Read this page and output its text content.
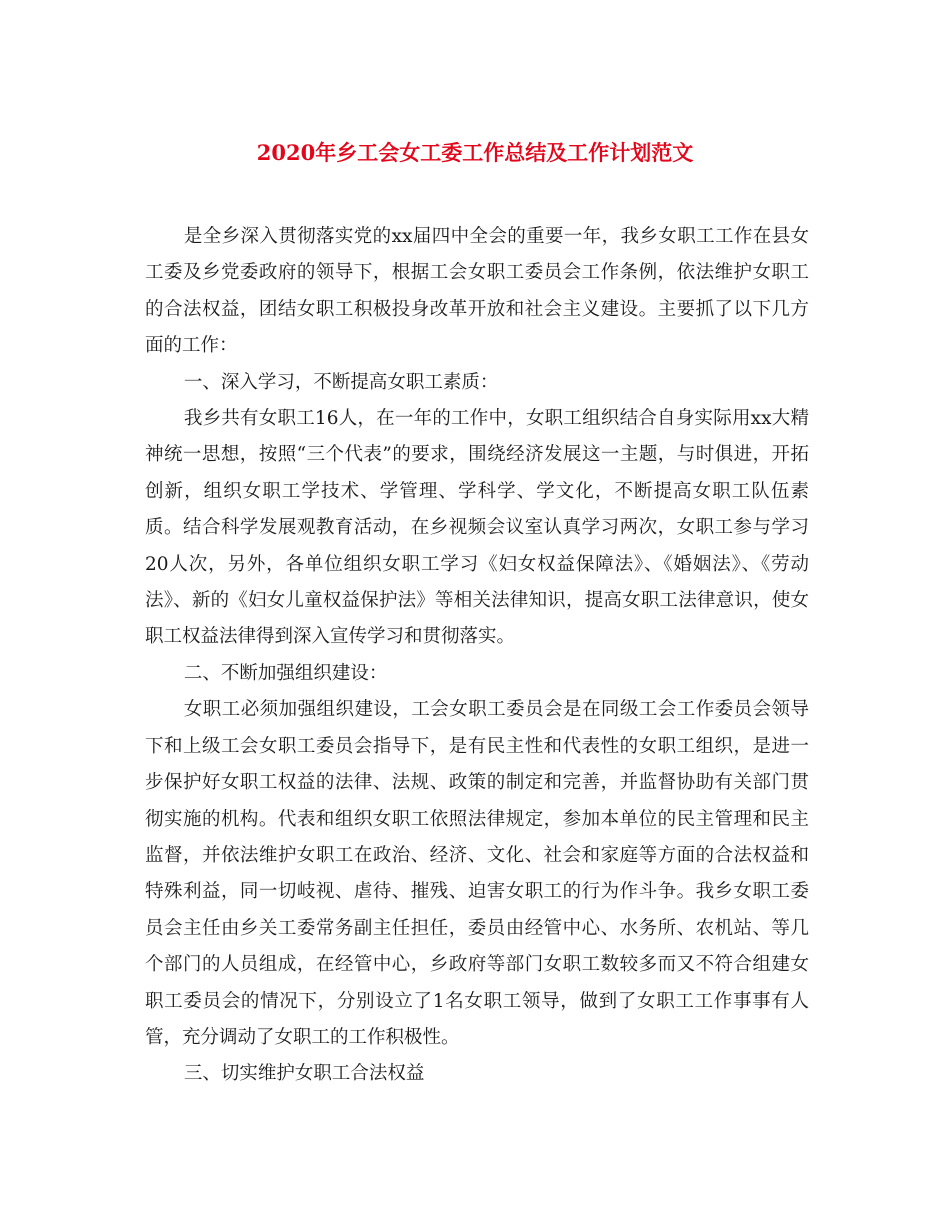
2020年乡工会女工委工作总结及工作计划范文

是全乡深入贯彻落实党的xx届四中全会的重要一年，我乡女职工工作在县女工委及乡党委政府的领导下，根据工会女职工委员会工作条例，依法维护女职工的合法权益，团结女职工积极投身改革开放和社会主义建设。主要抓了以下几方面的工作：

一、深入学习，不断提高女职工素质：

我乡共有女职工16人，在一年的工作中，女职工组织结合自身实际用xx大精神统一思想，按照“三个代表”的要求，围绕经济发展这一主题，与时俱进，开拓创新，组织女职工学技术、学管理、学科学、学文化，不断提高女职工队伍素质。结合科学发展观教育活动，在乡视频会议室认真学习两次，女职工参与学习20人次，另外，各单位组织女职工学习《妇女权益保障法》、《婚姻法》、《劳动法》、新的《妇女儿童权益保护法》等相关法律知识，提高女职工法律意识，使女职工权益法律得到深入宣传学习和贯彻落实。

二、不断加强组织建设：

女职工必须加强组织建设，工会女职工委员会是在同级工会工作委员会领导下和上级工会女职工委员会指导下，是有民主性和代表性的女职工组织，是进一步保护好女职工权益的法律、法规、政策的制定和完善，并监督协助有关部门贯彻实施的机构。代表和组织女职工依照法律规定，参加本单位的民主管理和民主监督，并依法维护女职工在政治、经济、文化、社会和家庭等方面的合法权益和特殊利益，同一切岐视、虐待、摧残、迫害女职工的行为作斗争。我乡女职工委员会主任由乡关工委常务副主任担任，委员由经管中心、水务所、农机站、等几个部门的人员组成，在经管中心，乡政府等部门女职工数较多而又不符合组建女职工委员会的情况下，分别设立了1名女职工领导，做到了女职工工作事事有人管，充分调动了女职工的工作积极性。

三、切实维护女职工合法权益
